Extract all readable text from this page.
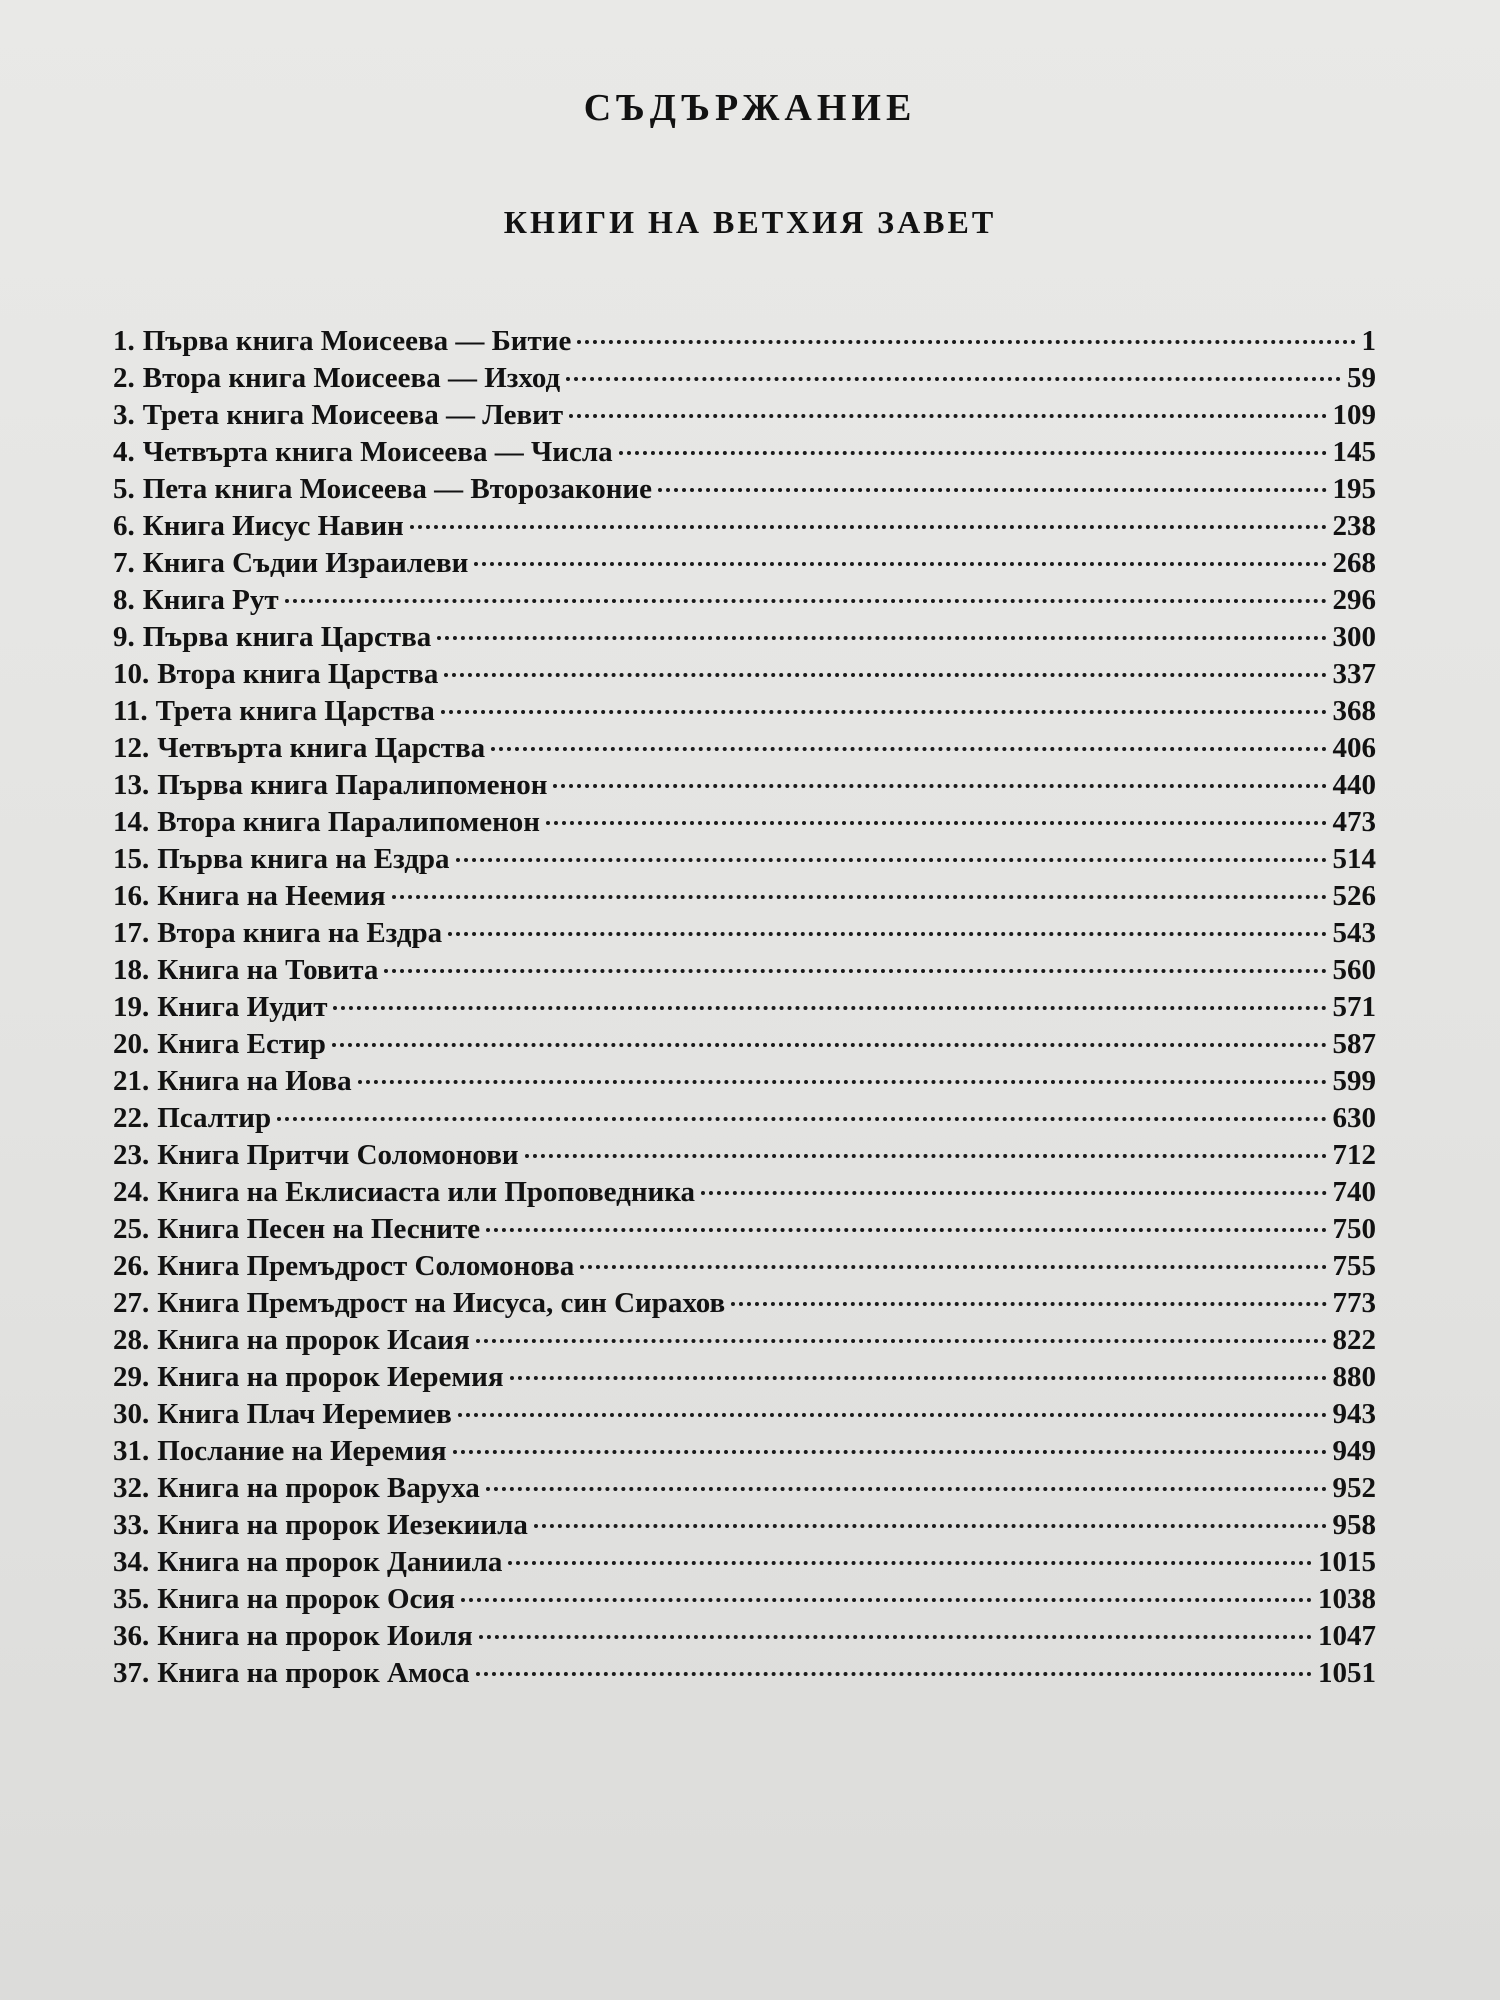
СЪДЪРЖАНИЕ
КНИГИ НА ВЕТХИЯ ЗАВЕТ
1. Първа книга Моисеева — Битие	1
2. Втора книга Моисеева — Изход	59
3. Трета книга Моисеева — Левит	109
4. Четвърта книга Моисеева — Числа	145
5. Пета книга Моисеева — Второзаконие	195
6. Книга Иисус Навин	238
7. Книга Съдии Израилеви	268
8. Книга Рут	296
9. Първа книга Царства	300
10. Втора книга Царства	337
11. Трета книга Царства	368
12. Четвърта книга Царства	406
13. Първа книга Паралипоменон	440
14. Втора книга Паралипоменон	473
15. Първа книга на Ездра	514
16. Книга на Неемия	526
17. Втора книга на Ездра	543
18. Книга на Товита	560
19. Книга Иудит	571
20. Книга Естир	587
21. Книга на Иова	599
22. Псалтир	630
23. Книга Притчи Соломонови	712
24. Книга на Еклисиаста или Проповедника	740
25. Книга Песен на Песните	750
26. Книга Премъдрост Соломонова	755
27. Книга Премъдрост на Иисуса, син Сирахов	773
28. Книга на пророк Исаия	822
29. Книга на пророк Иеремия	880
30. Книга Плач Иеремиев	943
31. Послание на Иеремия	949
32. Книга на пророк Варуха	952
33. Книга на пророк Иезекиила	958
34. Книга на пророк Даниила	1015
35. Книга на пророк Осия	1038
36. Книга на пророк Иоиля	1047
37. Книга на пророк Амоса	1051
